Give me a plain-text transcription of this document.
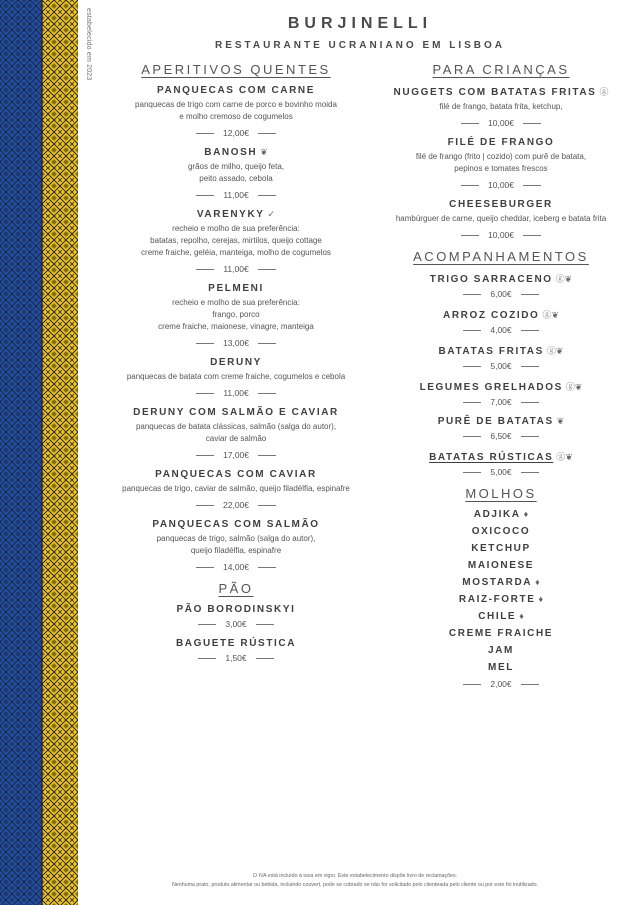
estabelecido em 2023	BURJINELLI
RESTAURANTE UCRANIANO EM LISBOA
APERITIVOS QUENTES
PANQUECAS COM CARNE
panquecas de trigo com carne de porco e bovinho moida
e molho cremoso de cogumelos
12,00€
BANOSH ❦
grãos de milho, queijo feta,
peito assado, cebola
11,00€
VARENYKY ✓
recheio e molho de sua preferência:
batatas, repolho, cerejas, mirtilos, queijo cottage
creme fraiche, geléia, manteiga, molho de cogumelos
11,00€
PELMENI
recheio e molho de sua preferência:
frango, porco
creme fraiche, maionese, vinagre, manteiga
13,00€
DERUNY
panquecas de batata com creme fraiche, cogumelos e cebola
11,00€
DERUNY COM SALMÃO E CAVIAR
panquecas de batata clássicas, salmão (salga do autor),
caviar de salmão
17,00€
PANQUECAS COM CAVIAR
panquecas de trigo, caviar de salmão, queijo filadélfia, espinafre
22,00€
PANQUECAS COM SALMÃO
panquecas de trigo, salmão (salga do autor),
queijo filadélfia, espinafre
14,00€
PÃO
PÃO BORODINSKYI
3,00€
BAGUETE RÚSTICA
1,50€
PARA CRIANÇAS
NUGGETS COM BATATAS FRITAS ⓖ
filé de frango, batata frita, ketchup,
10,00€
FILÉ DE FRANGO
filé de frango (frito | cozido) com purê de batata,
pepinos e tomates frescos
10,00€
CHEESEBURGER
hambúrguer de carne, queijo cheddar, iceberg e batata frita
10,00€
ACOMPANHAMENTOS
TRIGO SARRACENO ⓖ❦
6,00€
ARROZ COZIDO ⓖ❦
4,00€
BATATAS FRITAS ⓖ❦
5,00€
LEGUMES GRELHADOS ⓖ❦
7,00€
PURÊ DE BATATAS ❦
6,50€
BATATAS RÚSTICAS ⓖ❦
5,00€
MOLHOS
ADJIKA ♦
OXICOCO
KETCHUP
MAIONESE
MOSTARDA ♦
RAIZ-FORTE ♦
CHILE ♦
CREME FRAICHE
JAM
MEL
2,00€
O IVA está incluído à taxa em vigor. Este estabelecimento dispõe livro de reclamações.
Nenhuma prato, produto alimentar ou bebida, incluindo couvert, pode se cobrado se não for solicitado pelo clienteada pelo cliente ou por este foi inutilizado.
